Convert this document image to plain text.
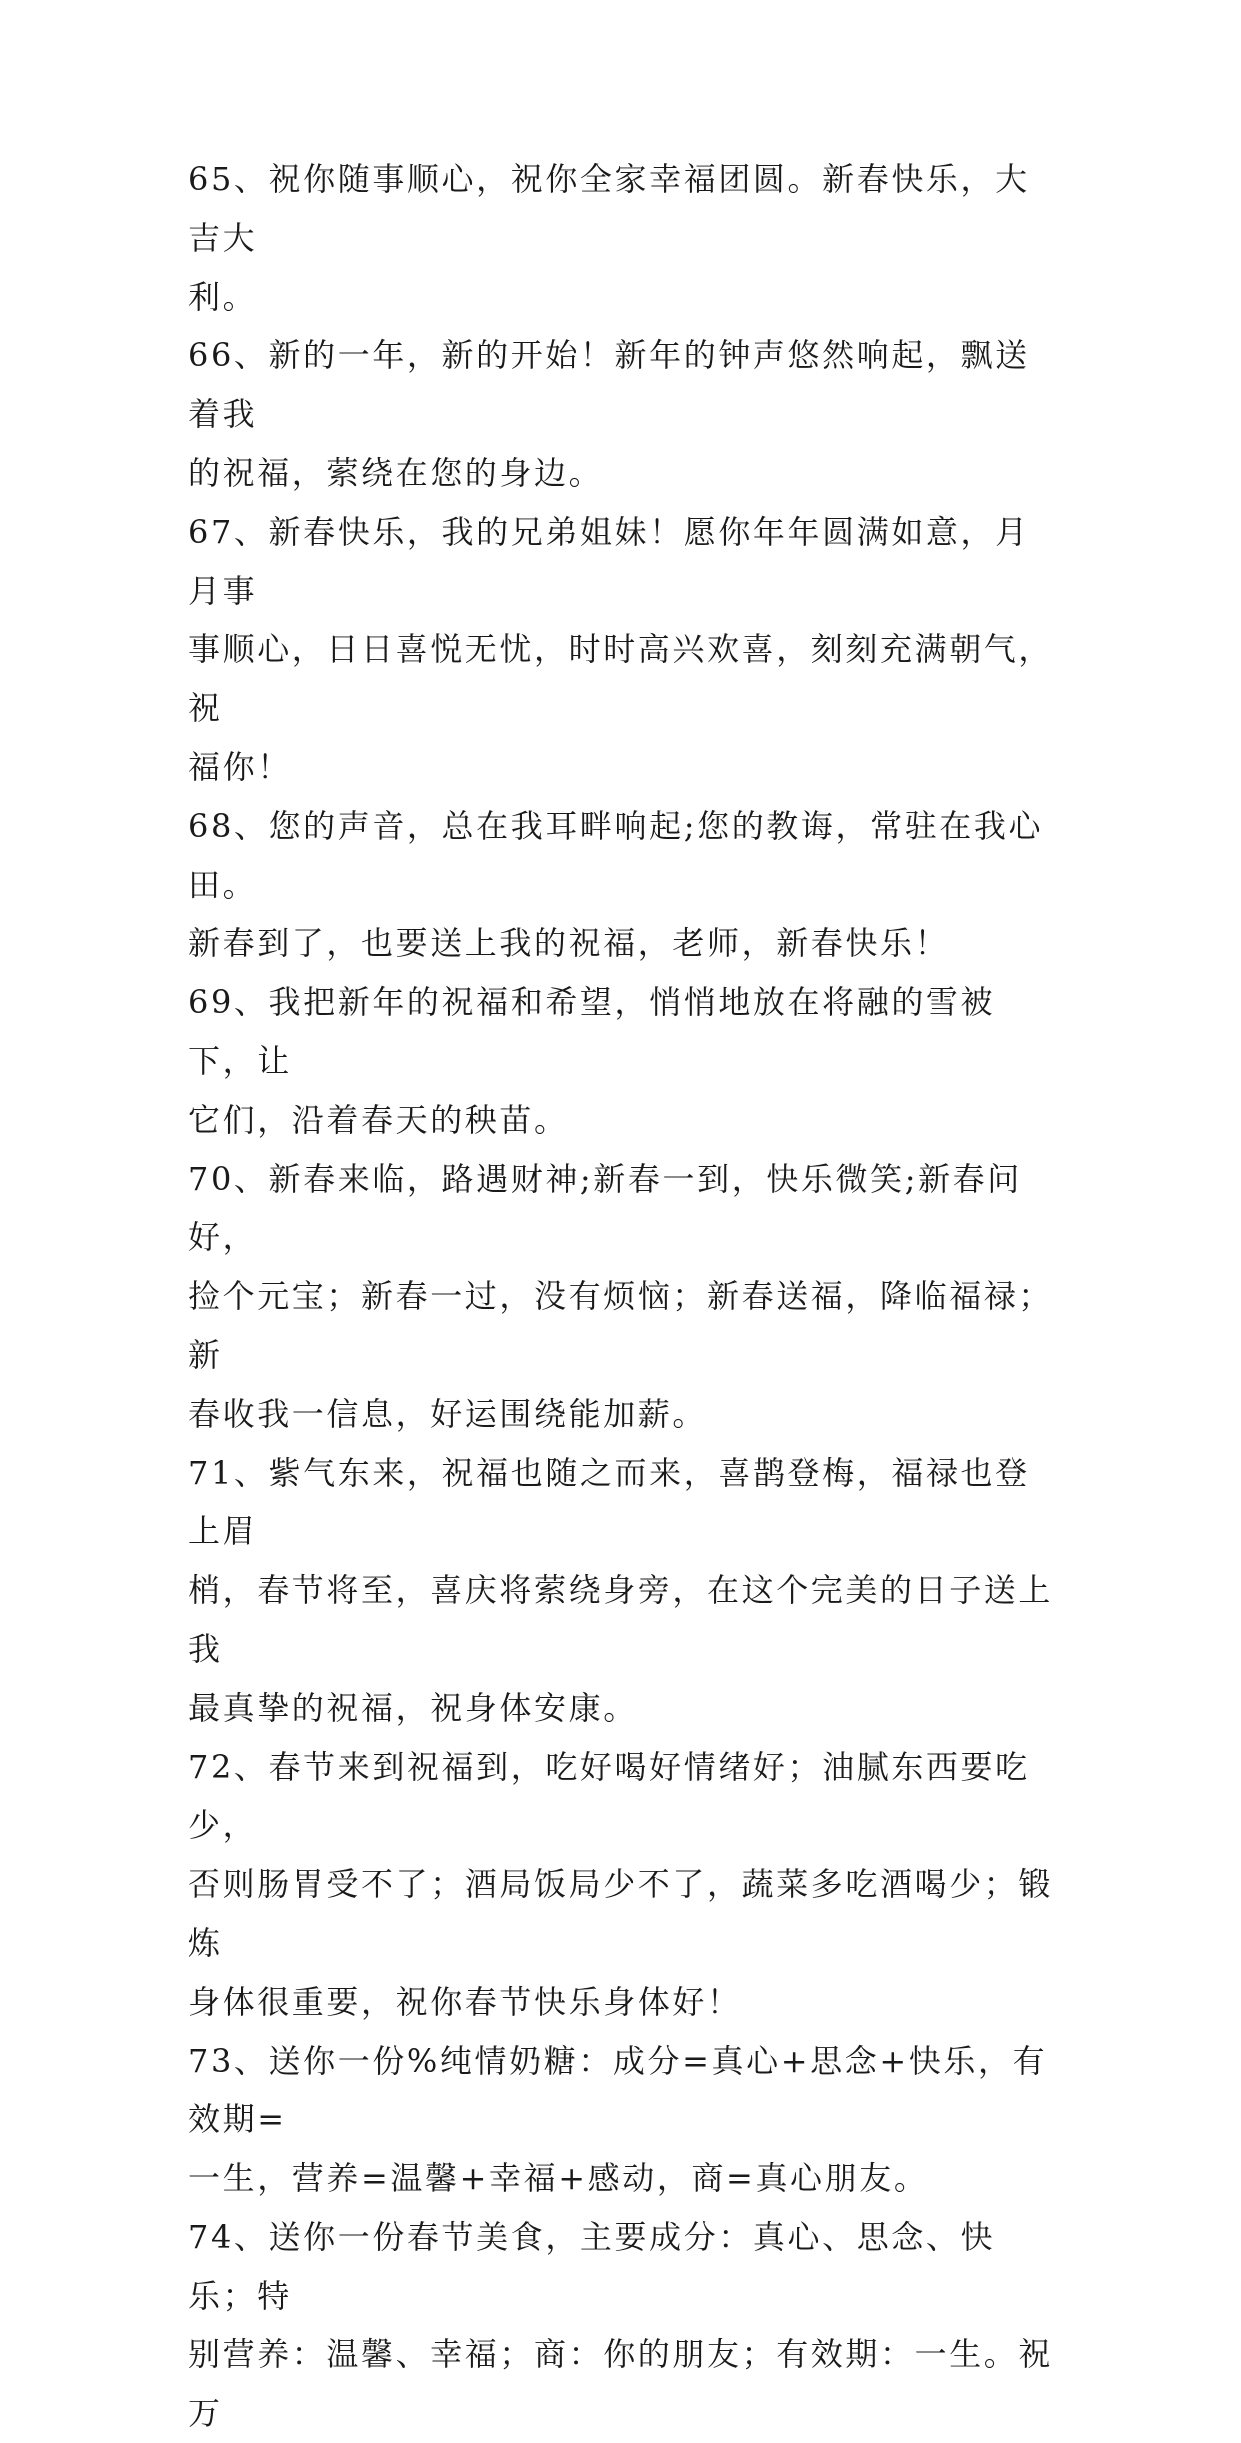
65、祝你随事顺心，祝你全家幸福团圆。新春快乐，大吉大
利。

66、新的一年，新的开始！新年的钟声悠然响起，飘送着我
的祝福，萦绕在您的身边。

67、新春快乐，我的兄弟姐妹！愿你年年圆满如意，月月事
事顺心，日日喜悦无忧，时时高兴欢喜，刻刻充满朝气，祝
福你！

68、您的声音，总在我耳畔响起;您的教诲，常驻在我心田。
新春到了，也要送上我的祝福，老师，新春快乐！

69、我把新年的祝福和希望，悄悄地放在将融的雪被下，让
它们，沿着春天的秧苗。

70、新春来临，路遇财神;新春一到，快乐微笑;新春问好，
捡个元宝；新春一过，没有烦恼；新春送福，降临福禄；新
春收我一信息，好运围绕能加薪。

71、紫气东来，祝福也随之而来，喜鹊登梅，福禄也登上眉
梢，春节将至，喜庆将萦绕身旁，在这个完美的日子送上我
最真挚的祝福，祝身体安康。

72、春节来到祝福到，吃好喝好情绪好；油腻东西要吃少，
否则肠胃受不了；酒局饭局少不了，蔬菜多吃酒喝少；锻炼
身体很重要，祝你春节快乐身体好！

73、送你一份%纯情奶糖：成分=真心+思念+快乐，有效期=
一生，营养=温馨+幸福+感动，商=真心朋友。

74、送你一份春节美食，主要成分：真心、思念、快乐；特
别营养：温馨、幸福；商：你的朋友；有效期：一生。祝万
